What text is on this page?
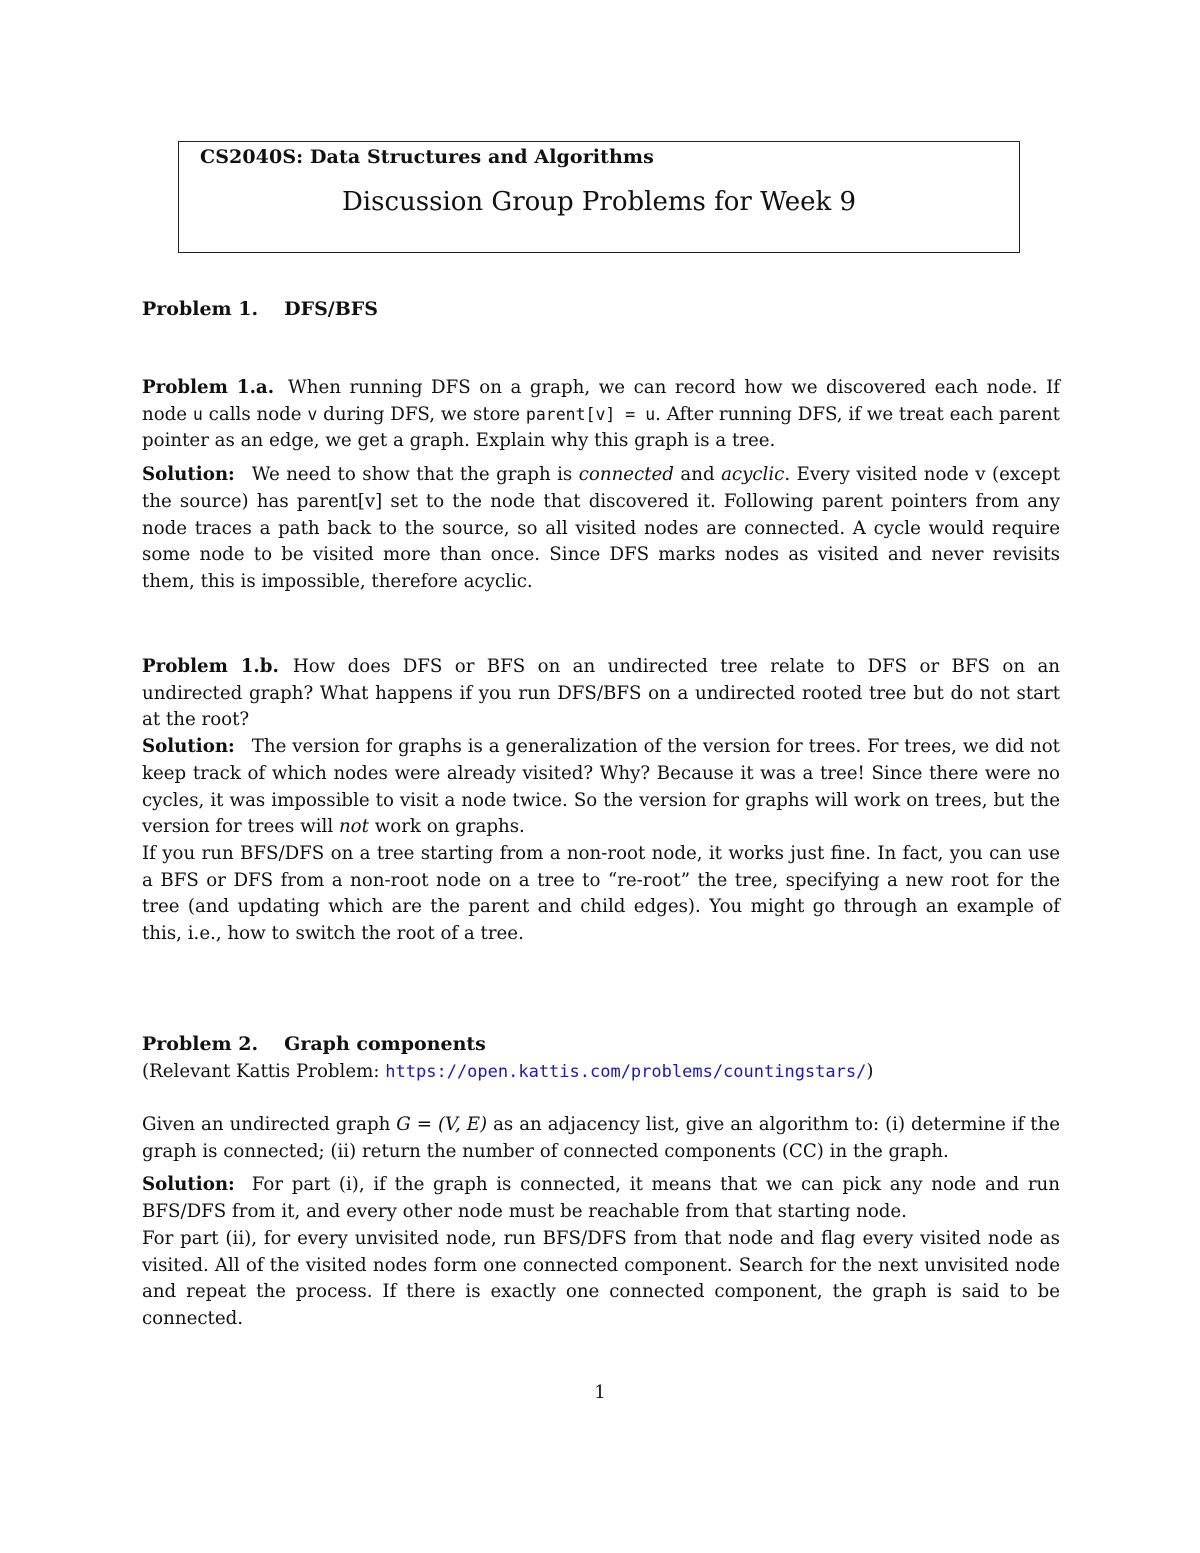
CS2040S: Data Structures and Algorithms
Discussion Group Problems for Week 9
Problem 1. DFS/BFS

Problem 1.a. When running DFS on a graph, we can record how we discovered each node. If node u calls node v during DFS, we store parent[v] = u. After running DFS, if we treat each parent pointer as an edge, we get a graph. Explain why this graph is a tree.

Solution: We need to show that the graph is connected and acyclic. Every visited node v (except the source) has parent[v] set to the node that discovered it. Following parent pointers from any node traces a path back to the source, so all visited nodes are connected. A cycle would require some node to be visited more than once. Since DFS marks nodes as visited and never revisits them, this is impossible, therefore acyclic.

Problem 1.b. How does DFS or BFS on an undirected tree relate to DFS or BFS on an undirected graph? What happens if you run DFS/BFS on a undirected rooted tree but do not start at the root?

Solution: The version for graphs is a generalization of the version for trees. For trees, we did not keep track of which nodes were already visited? Why? Because it was a tree! Since there were no cycles, it was impossible to visit a node twice. So the version for graphs will work on trees, but the version for trees will not work on graphs.

If you run BFS/DFS on a tree starting from a non-root node, it works just fine. In fact, you can use a BFS or DFS from a non-root node on a tree to “re-root” the tree, specifying a new root for the tree (and updating which are the parent and child edges). You might go through an example of this, i.e., how to switch the root of a tree.

Problem 2. Graph components
(Relevant Kattis Problem: https://open.kattis.com/problems/countingstars/)

Given an undirected graph G = (V, E) as an adjacency list, give an algorithm to: (i) determine if the graph is connected; (ii) return the number of connected components (CC) in the graph.

Solution: For part (i), if the graph is connected, it means that we can pick any node and run BFS/DFS from it, and every other node must be reachable from that starting node.

For part (ii), for every unvisited node, run BFS/DFS from that node and flag every visited node as visited. All of the visited nodes form one connected component. Search for the next unvisited node and repeat the process. If there is exactly one connected component, the graph is said to be connected.

1
